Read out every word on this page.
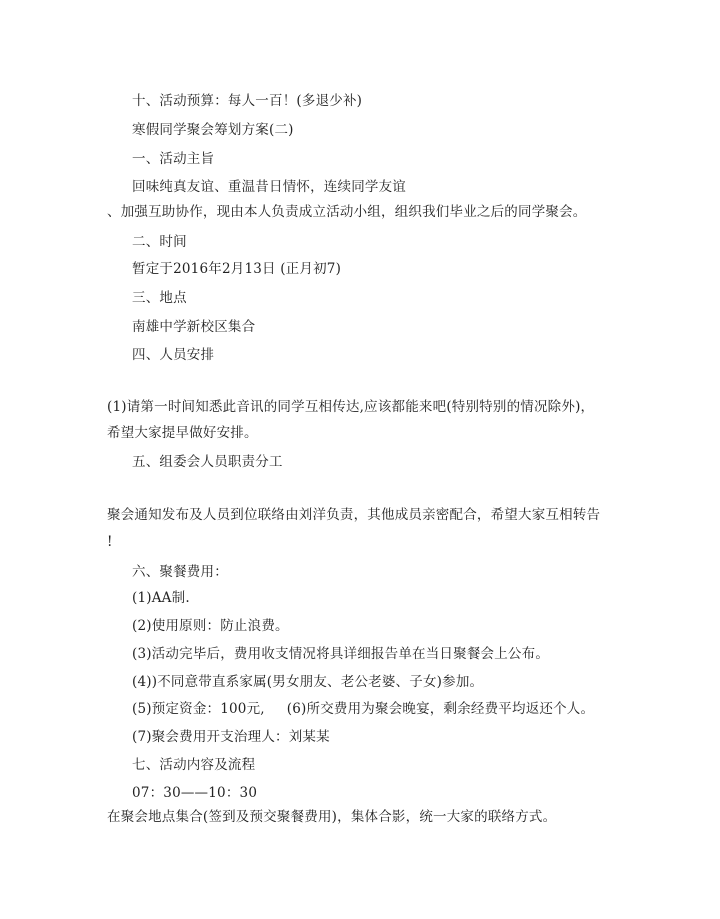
十、活动预算：每人一百！(多退少补)
寒假同学聚会筹划方案(二)
一、活动主旨
回味纯真友谊、重温昔日情怀，连续同学友谊
、加强互助协作，现由本人负责成立活动小组，组织我们毕业之后的同学聚会。
二、时间
暂定于2016年2月13日 (正月初7)
三、地点
南雄中学新校区集合
四、人员安排
(1)请第一时间知悉此音讯的同学互相传达,应该都能来吧(特别特别的情况除外)，
希望大家提早做好安排。
五、组委会人员职责分工
聚会通知发布及人员到位联络由刘洋负责，其他成员亲密配合，希望大家互相转告
!
六、聚餐费用：
(1)AA制.
(2)使用原则：防止浪费。
(3)活动完毕后，费用收支情况将具详细报告单在当日聚餐会上公布。
(4))不同意带直系家属(男女朋友、老公老婆、子女)参加。
(5)预定资金：100元, (6)所交费用为聚会晚宴，剩余经费平均返还个人。
(7)聚会费用开支治理人：刘某某
七、活动内容及流程
07：30——10：30
在聚会地点集合(签到及预交聚餐费用)，集体合影，统一大家的联络方式。
